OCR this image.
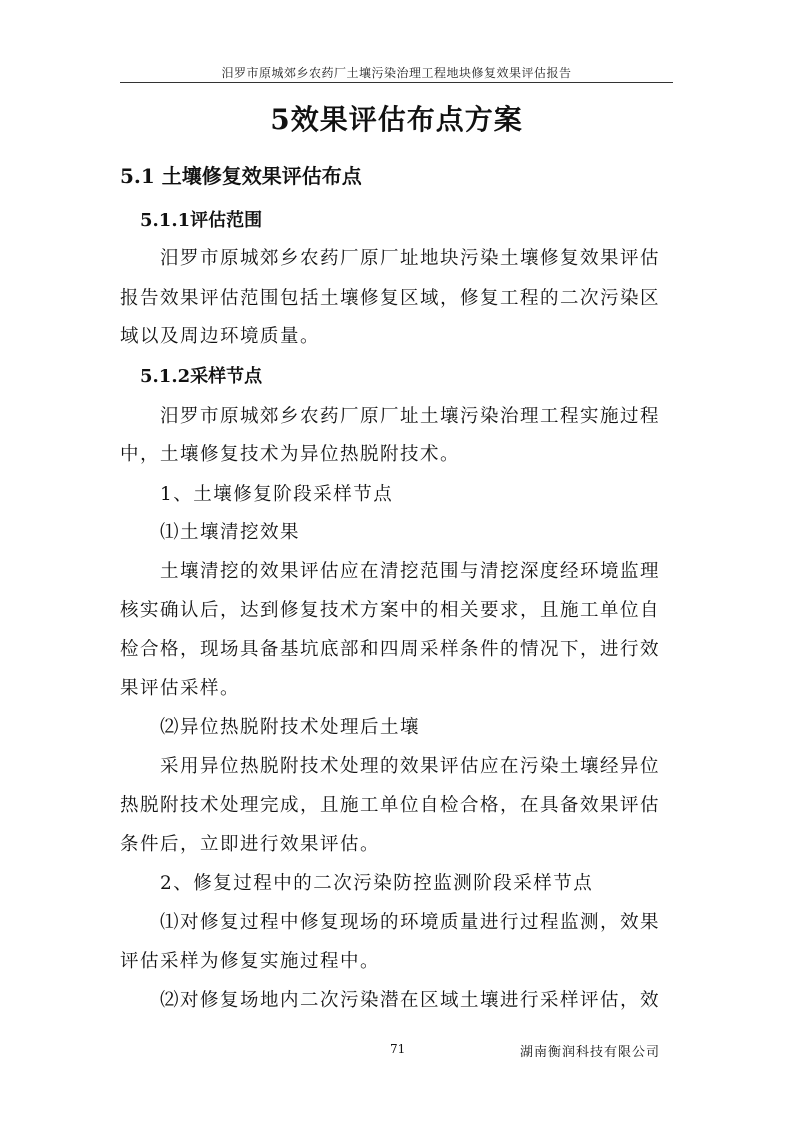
汨罗市原城郊乡农药厂土壤污染治理工程地块修复效果评估报告
5效果评估布点方案
5.1 土壤修复效果评估布点
5.1.1评估范围
汨罗市原城郊乡农药厂原厂址地块污染土壤修复效果评估
报告效果评估范围包括土壤修复区域，修复工程的二次污染区
域以及周边环境质量。
5.1.2采样节点
汨罗市原城郊乡农药厂原厂址土壤污染治理工程实施过程
中，土壤修复技术为异位热脱附技术。
1、土壤修复阶段采样节点
⑴土壤清挖效果
土壤清挖的效果评估应在清挖范围与清挖深度经环境监理
核实确认后，达到修复技术方案中的相关要求，且施工单位自
检合格，现场具备基坑底部和四周采样条件的情况下，进行效
果评估采样。
⑵异位热脱附技术处理后土壤
采用异位热脱附技术处理的效果评估应在污染土壤经异位
热脱附技术处理完成，且施工单位自检合格，在具备效果评估
条件后，立即进行效果评估。
2、修复过程中的二次污染防控监测阶段采样节点
⑴对修复过程中修复现场的环境质量进行过程监测，效果
评估采样为修复实施过程中。
⑵对修复场地内二次污染潜在区域土壤进行采样评估，效
71	湖南衡润科技有限公司
